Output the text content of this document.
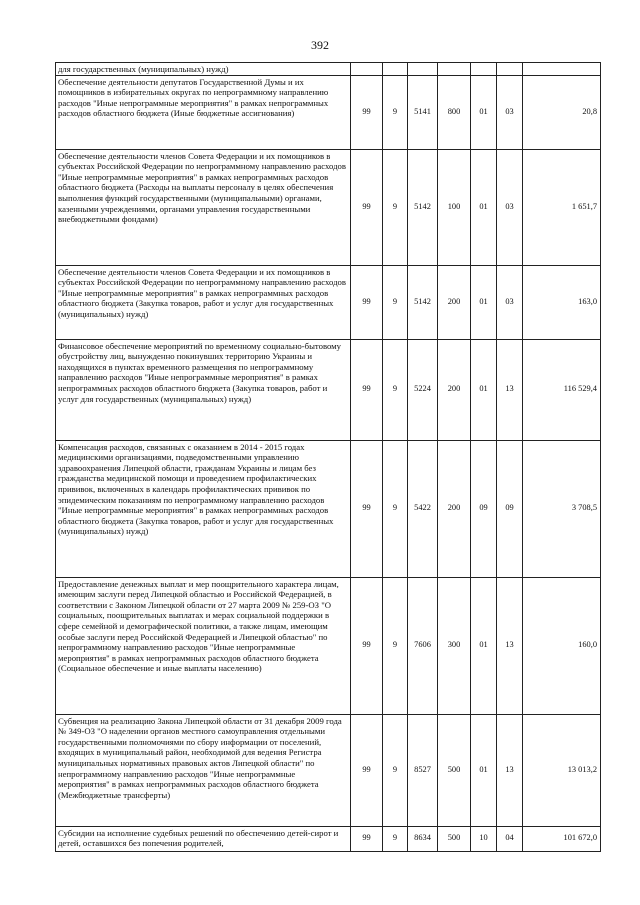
392
для государственных (муниципальных) нужд)							
Обеспечение деятельности депутатов Государственной Думы и их помощников в избирательных округах по непрограммному направлению расходов "Иные непрограммные мероприятия" в рамках непрограммных расходов областного бюджета (Иные бюджетные ассигнования)	99	9	5141	800	01	03	20,8
Обеспечение деятельности членов Совета Федерации и их помощников в субъектах Российской Федерации по непрограммному направлению расходов "Иные непрограммные мероприятия" в рамках непрограммных расходов областного бюджета (Расходы на выплаты персоналу в целях обеспечения выполнения функций государственными (муниципальными) органами, казенными учреждениями, органами управления государственными внебюджетными фондами)	99	9	5142	100	01	03	1 651,7
Обеспечение деятельности членов Совета Федерации и их помощников в субъектах Российской Федерации по непрограммному направлению расходов "Иные непрограммные мероприятия" в рамках непрограммных расходов областного бюджета (Закупка товаров, работ и услуг для государственных (муниципальных) нужд)	99	9	5142	200	01	03	163,0
Финансовое обеспечение мероприятий по временному социально-бытовому обустройству лиц, вынужденно покинувших территорию Украины и находящихся в пунктах временного размещения по непрограммному направлению расходов "Иные непрограммные мероприятия" в рамках непрограммных расходов областного бюджета (Закупка товаров, работ и услуг для государственных (муниципальных) нужд)	99	9	5224	200	01	13	116 529,4
Компенсация расходов, связанных с оказанием в 2014 - 2015 годах медицинскими организациями, подведомственными управлению здравоохранения Липецкой области, гражданам Украины и лицам без гражданства медицинской помощи и проведением профилактических прививок, включенных в календарь профилактических прививок по эпидемическим показаниям по непрограммному направлению расходов "Иные непрограммные мероприятия" в рамках непрограммных расходов областного бюджета (Закупка товаров, работ и услуг для государственных (муниципальных) нужд)	99	9	5422	200	09	09	3 708,5
Предоставление денежных выплат и мер поощрительного характера лицам, имеющим заслуги перед Липецкой областью и Российской Федерацией, в соответствии с Законом Липецкой области от 27 марта 2009 № 259-ОЗ "О социальных, поощрительных выплатах и мерах социальной поддержки в сфере семейной и демографической политики, а также лицам, имеющим особые заслуги перед Российской Федерацией и Липецкой областью" по непрограммному направлению расходов "Иные непрограммные мероприятия" в рамках непрограммных расходов областного бюджета (Социальное обеспечение и иные выплаты населению)	99	9	7606	300	01	13	160,0
Субвенция на реализацию Закона Липецкой области от 31 декабря 2009 года № 349-ОЗ "О наделении органов местного самоуправления отдельными государственными полномочиями по сбору информации от поселений, входящих в муниципальный район, необходимой для ведения Регистра муниципальных нормативных правовых актов Липецкой области" по непрограммному направлению расходов "Иные непрограммные мероприятия" в рамках непрограммных расходов областного бюджета (Межбюджетные трансферты)	99	9	8527	500	01	13	13 013,2
Субсидии на исполнение судебных решений по обеспечению детей-сирот и детей, оставшихся без попечения родителей,	99	9	8634	500	10	04	101 672,0
